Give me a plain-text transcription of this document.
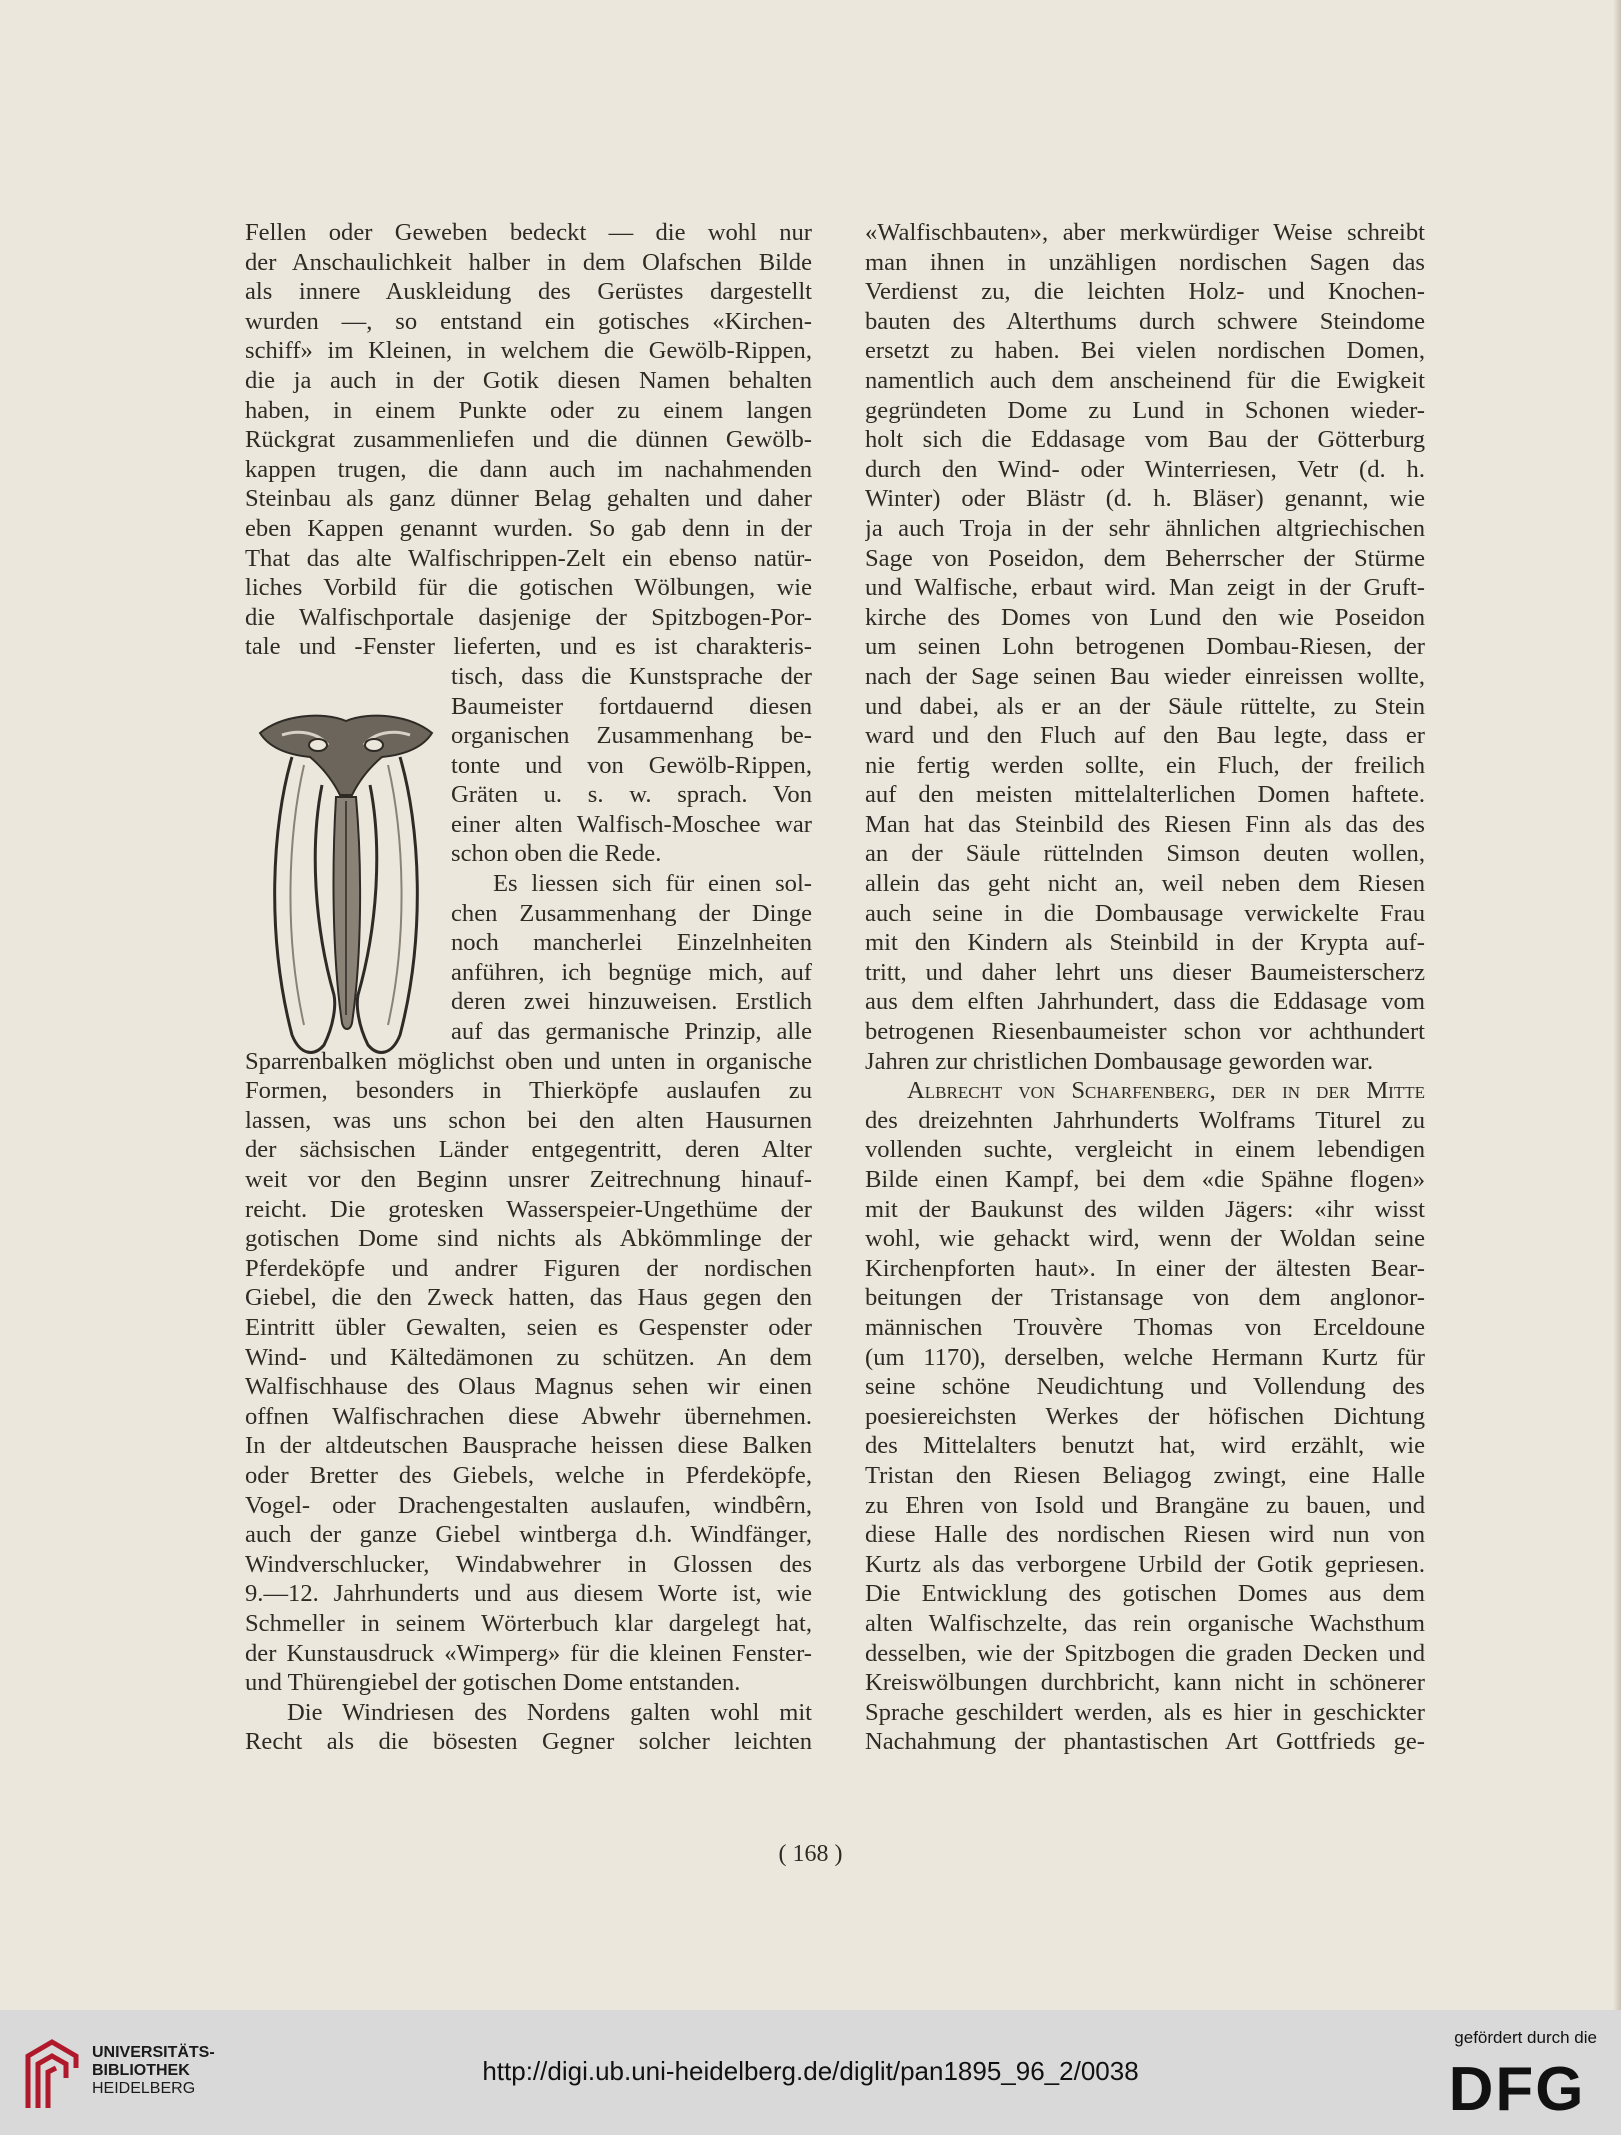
Fellen oder Geweben bedeckt — die wohl nur
der Anschaulichkeit halber in dem Olafschen Bilde
als innere Auskleidung des Gerüstes dargestellt
wurden —, so entstand ein gotisches «Kirchen-
schiff» im Kleinen, in welchem die Gewölb-Rippen,
die ja auch in der Gotik diesen Namen behalten
haben, in einem Punkte oder zu einem langen
Rückgrat zusammenliefen und die dünnen Gewölb-
kappen trugen, die dann auch im nachahmenden
Steinbau als ganz dünner Belag gehalten und daher
eben Kappen genannt wurden. So gab denn in der
That das alte Walfischrippen-Zelt ein ebenso natür-
liches Vorbild für die gotischen Wölbungen, wie
die Walfischportale dasjenige der Spitzbogen-Por-
tale und -Fenster lieferten, und es ist charakteris-

tisch, dass die Kunstsprache der
Baumeister fortdauernd diesen
organischen Zusammenhang be-
tonte und von Gewölb-Rippen,
Gräten u. s. w. sprach. Von
einer alten Walfisch-Moschee war
schon oben die Rede.
Es liessen sich für einen sol-
chen Zusammenhang der Dinge
noch mancherlei Einzelnheiten
anführen, ich begnüge mich, auf
deren zwei hinzuweisen. Erstlich
auf das germanische Prinzip, alle

Sparrenbalken möglichst oben und unten in organische
Formen, besonders in Thierköpfe auslaufen zu
lassen, was uns schon bei den alten Hausurnen
der sächsischen Länder entgegentritt, deren Alter
weit vor den Beginn unsrer Zeitrechnung hinauf-
reicht. Die grotesken Wasserspeier-Ungethüme der
gotischen Dome sind nichts als Abkömmlinge der
Pferdeköpfe und andrer Figuren der nordischen
Giebel, die den Zweck hatten, das Haus gegen den
Eintritt übler Gewalten, seien es Gespenster oder
Wind- und Kältedämonen zu schützen. An dem
Walfischhause des Olaus Magnus sehen wir einen
offnen Walfischrachen diese Abwehr übernehmen.
In der altdeutschen Bausprache heissen diese Balken
oder Bretter des Giebels, welche in Pferdeköpfe,
Vogel- oder Drachengestalten auslaufen, windbêrn,
auch der ganze Giebel wintberga d.h. Windfänger,
Windverschlucker, Windabwehrer in Glossen des
9.—12. Jahrhunderts und aus diesem Worte ist, wie
Schmeller in seinem Wörterbuch klar dargelegt hat,
der Kunstausdruck «Wimperg» für die kleinen Fenster-
und Thürengiebel der gotischen Dome entstanden.
Die Windriesen des Nordens galten wohl mit
Recht als die bösesten Gegner solcher leichten

«Walfischbauten», aber merkwürdiger Weise schreibt
man ihnen in unzähligen nordischen Sagen das
Verdienst zu, die leichten Holz- und Knochen-
bauten des Alterthums durch schwere Steindome
ersetzt zu haben. Bei vielen nordischen Domen,
namentlich auch dem anscheinend für die Ewigkeit
gegründeten Dome zu Lund in Schonen wieder-
holt sich die Eddasage vom Bau der Götterburg
durch den Wind- oder Winterriesen, Vetr (d. h.
Winter) oder Blästr (d. h. Bläser) genannt, wie
ja auch Troja in der sehr ähnlichen altgriechischen
Sage von Poseidon, dem Beherrscher der Stürme
und Walfische, erbaut wird. Man zeigt in der Gruft-
kirche des Domes von Lund den wie Poseidon
um seinen Lohn betrogenen Dombau-Riesen, der
nach der Sage seinen Bau wieder einreissen wollte,
und dabei, als er an der Säule rüttelte, zu Stein
ward und den Fluch auf den Bau legte, dass er
nie fertig werden sollte, ein Fluch, der freilich
auf den meisten mittelalterlichen Domen haftete.
Man hat das Steinbild des Riesen Finn als das des
an der Säule rüttelnden Simson deuten wollen,
allein das geht nicht an, weil neben dem Riesen
auch seine in die Dombausage verwickelte Frau
mit den Kindern als Steinbild in der Krypta auf-
tritt, und daher lehrt uns dieser Baumeisterscherz
aus dem elften Jahrhundert, dass die Eddasage vom
betrogenen Riesenbaumeister schon vor achthundert
Jahren zur christlichen Dombausage geworden war.
Albrecht von Scharfenberg, der in der Mitte
des dreizehnten Jahrhunderts Wolframs Titurel zu
vollenden suchte, vergleicht in einem lebendigen
Bilde einen Kampf, bei dem «die Spähne flogen»
mit der Baukunst des wilden Jägers: «ihr wisst
wohl, wie gehackt wird, wenn der Woldan seine
Kirchenpforten haut». In einer der ältesten Bear-
beitungen der Tristansage von dem anglonor-
männischen Trouvère Thomas von Erceldoune
(um 1170), derselben, welche Hermann Kurtz für
seine schöne Neudichtung und Vollendung des
poesiereichsten Werkes der höfischen Dichtung
des Mittelalters benutzt hat, wird erzählt, wie
Tristan den Riesen Beliagog zwingt, eine Halle
zu Ehren von Isold und Brangäne zu bauen, und
diese Halle des nordischen Riesen wird nun von
Kurtz als das verborgene Urbild der Gotik gepriesen.
Die Entwicklung des gotischen Domes aus dem
alten Walfischzelte, das rein organische Wachsthum
desselben, wie der Spitzbogen die graden Decken und
Kreiswölbungen durchbricht, kann nicht in schönerer
Sprache geschildert werden, als es hier in geschickter
Nachahmung der phantastischen Art Gottfrieds ge-
( 168 )
UNIVERSITÄTS-
BIBLIOTHEK
HEIDELBERG
http://digi.ub.uni-heidelberg.de/diglit/pan1895_96_2/0038
gefördert durch die
DFG
